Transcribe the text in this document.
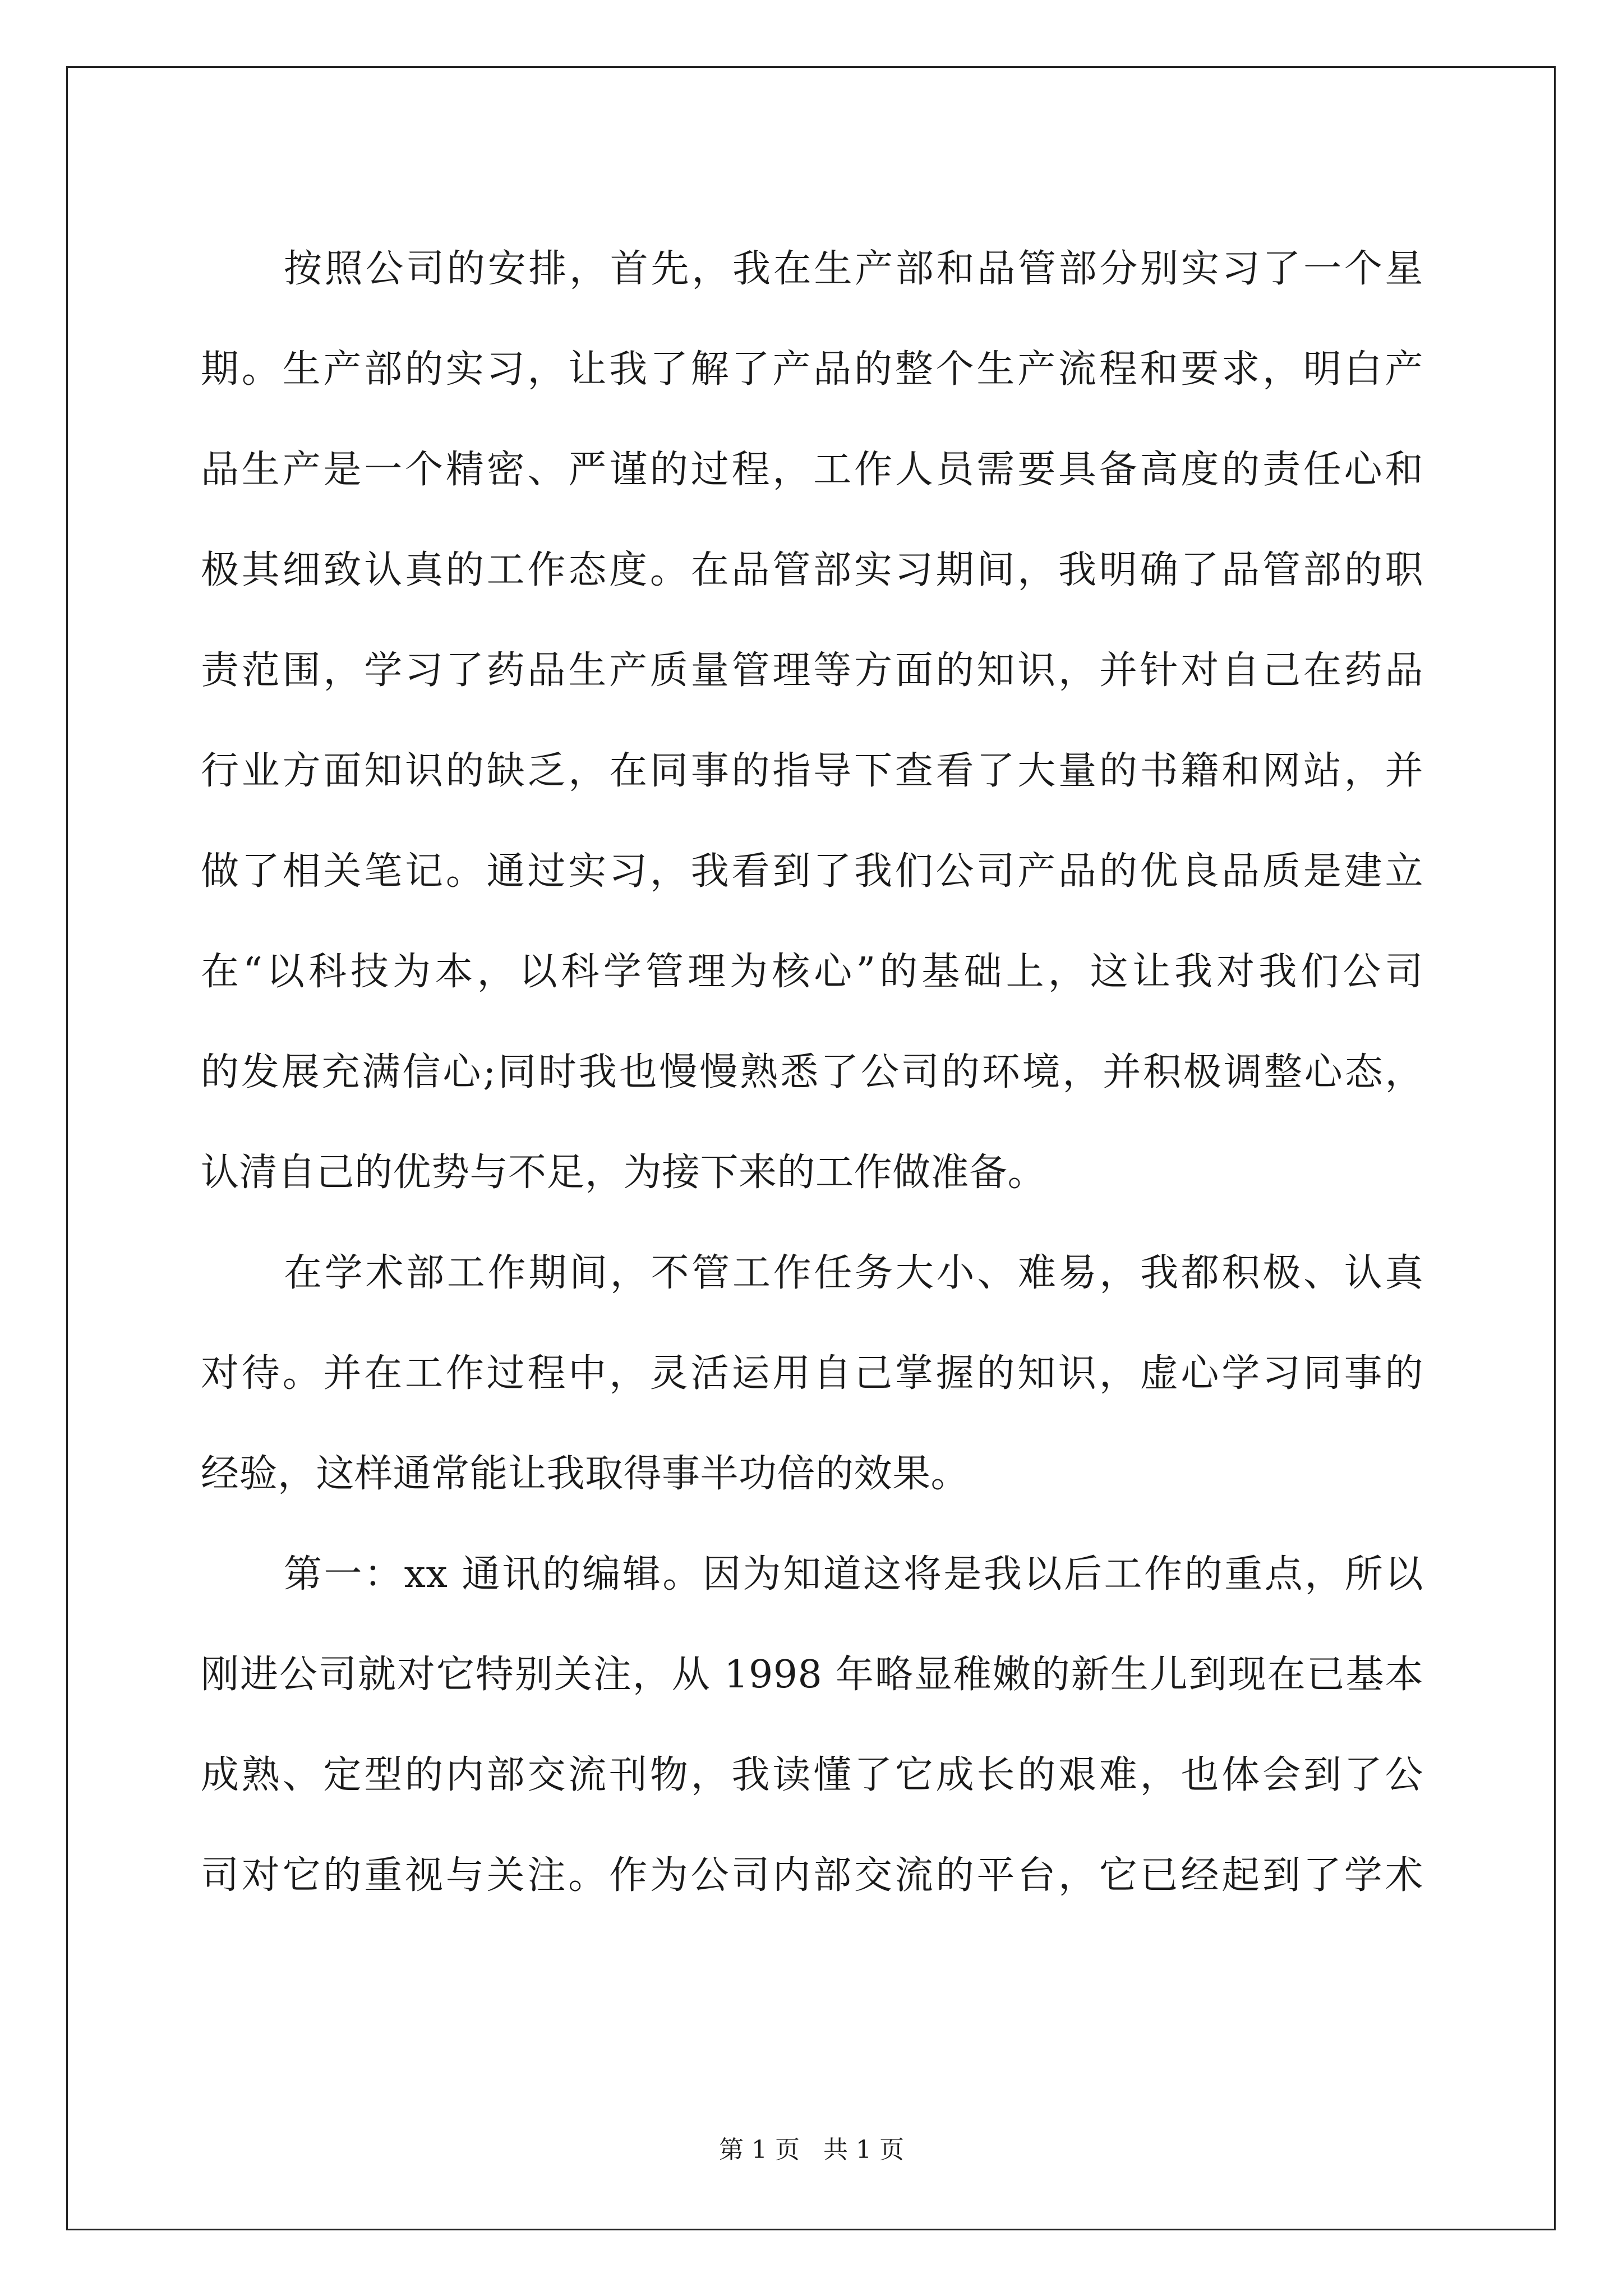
按照公司的安排，首先，我在生产部和品管部分别实习了一个星
期。生产部的实习，让我了解了产品的整个生产流程和要求，明白产
品生产是一个精密、严谨的过程，工作人员需要具备高度的责任心和
极其细致认真的工作态度。在品管部实习期间，我明确了品管部的职
责范围，学习了药品生产质量管理等方面的知识，并针对自己在药品
行业方面知识的缺乏，在同事的指导下查看了大量的书籍和网站，并
做了相关笔记。通过实习，我看到了我们公司产品的优良品质是建立
在“以科技为本，以科学管理为核心”的基础上，这让我对我们公司
的发展充满信心;同时我也慢慢熟悉了公司的环境，并积极调整心态，
认清自己的优势与不足，为接下来的工作做准备。
在学术部工作期间，不管工作任务大小、难易，我都积极、认真
对待。并在工作过程中，灵活运用自己掌握的知识，虚心学习同事的
经验，这样通常能让我取得事半功倍的效果。
第一：xx 通讯的编辑。因为知道这将是我以后工作的重点，所以
刚进公司就对它特别关注，从 1998 年略显稚嫩的新生儿到现在已基本
成熟、定型的内部交流刊物，我读懂了它成长的艰难，也体会到了公
司对它的重视与关注。作为公司内部交流的平台，它已经起到了学术
第 1 页 共 1 页
